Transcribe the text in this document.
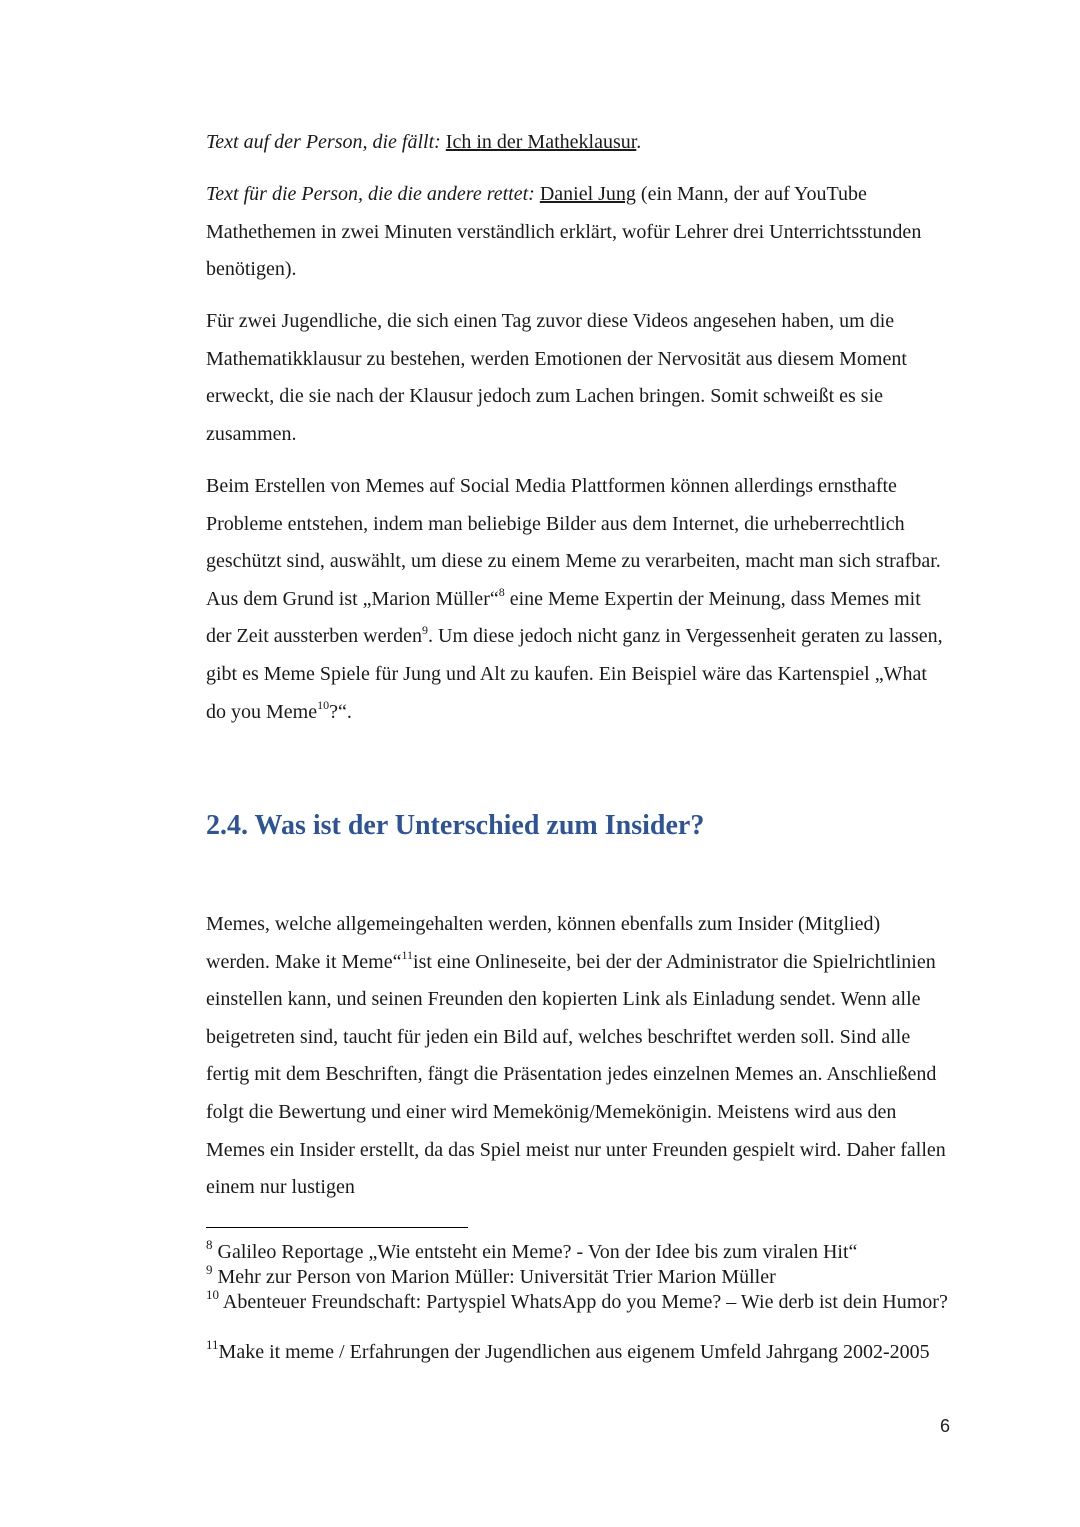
Text auf der Person, die fällt: Ich in der Matheklausur.

Text für die Person, die die andere rettet: Daniel Jung (ein Mann, der auf YouTube Mathethemen in zwei Minuten verständlich erklärt, wofür Lehrer drei Unterrichtsstunden benötigen).

Für zwei Jugendliche, die sich einen Tag zuvor diese Videos angesehen haben, um die Mathematikklausur zu bestehen, werden Emotionen der Nervosität aus diesem Moment erweckt, die sie nach der Klausur jedoch zum Lachen bringen. Somit schweißt es sie zusammen.

Beim Erstellen von Memes auf Social Media Plattformen können allerdings ernsthafte Probleme entstehen, indem man beliebige Bilder aus dem Internet, die urheberrechtlich geschützt sind, auswählt, um diese zu einem Meme zu verarbeiten, macht man sich strafbar. Aus dem Grund ist „Marion Müller“$^8$ eine Meme Expertin der Meinung, dass Memes mit der Zeit aussterben werden$^9$. Um diese jedoch nicht ganz in Vergessenheit geraten zu lassen, gibt es Meme Spiele für Jung und Alt zu kaufen. Ein Beispiel wäre das Kartenspiel „What do you Meme$^{10}$?“.

2.4. Was ist der Unterschied zum Insider?

Memes, welche allgemeingehalten werden, können ebenfalls zum Insider (Mitglied) werden. Make it Meme“$^{11}$ist eine Onlineseite, bei der der Administrator die Spielrichtlinien einstellen kann, und seinen Freunden den kopierten Link als Einladung sendet. Wenn alle beigetreten sind, taucht für jeden ein Bild auf, welches beschriftet werden soll. Sind alle fertig mit dem Beschriften, fängt die Präsentation jedes einzelnen Memes an. Anschließend folgt die Bewertung und einer wird Memekönig/Memekönigin. Meistens wird aus den Memes ein Insider erstellt, da das Spiel meist nur unter Freunden gespielt wird. Daher fallen einem nur lustigen

$^8$ Galileo Reportage „Wie entsteht ein Meme? - Von der Idee bis zum viralen Hit“

$^9$ Mehr zur Person von Marion Müller: Universität Trier Marion Müller

$^{10}$ Abenteuer Freundschaft: Partyspiel WhatsApp do you Meme? – Wie derb ist dein Humor?

$^{11}$Make it meme / Erfahrungen der Jugendlichen aus eigenem Umfeld Jahrgang 2002-2005

6
